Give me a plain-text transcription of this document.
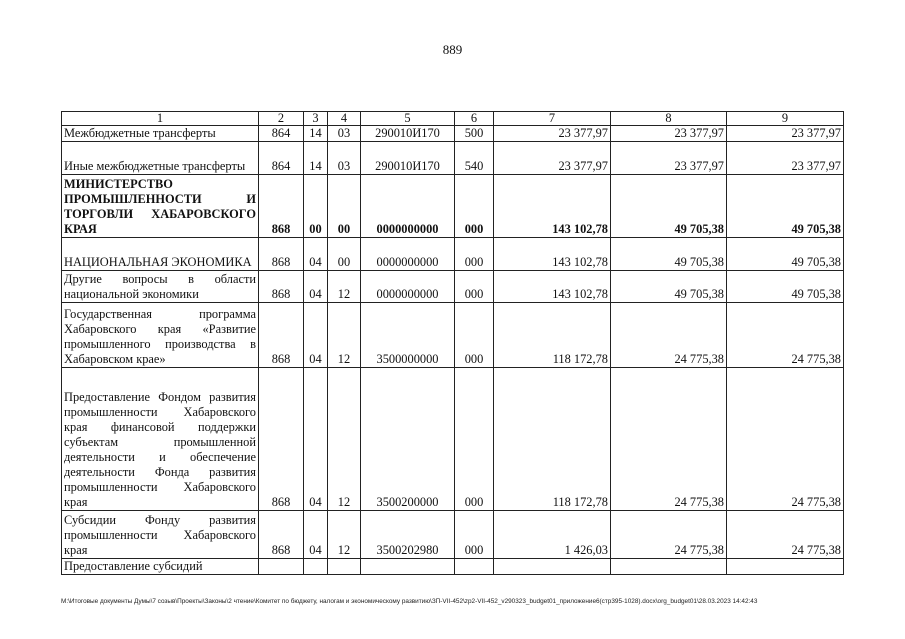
889
1	2	3	4	5	6	7	8	9
Межбюджетные трансферты	864	14	03	290010И170	500	23 377,97	23 377,97	23 377,97
Иные межбюджетные трансферты	864	14	03	290010И170	540	23 377,97	23 377,97	23 377,97
МИНИСТЕРСТВО ПРОМЫШЛЕННОСТИ И ТОРГОВЛИ ХАБАРОВСКОГО КРАЯ	868	00	00	0000000000	000	143 102,78	49 705,38	49 705,38
НАЦИОНАЛЬНАЯ ЭКОНОМИКА	868	04	00	0000000000	000	143 102,78	49 705,38	49 705,38
Другие вопросы в области национальной экономики	868	04	12	0000000000	000	143 102,78	49 705,38	49 705,38
Государственная программа Хабаровского края «Развитие промышленного производства в Хабаровском крае»	868	04	12	3500000000	000	118 172,78	24 775,38	24 775,38
Предоставление Фондом развития промышленности Хабаровского края финансовой поддержки субъектам промышленной деятельности и обеспечение деятельности Фонда развития промышленности Хабаровского края	868	04	12	3500200000	000	118 172,78	24 775,38	24 775,38
Субсидии Фонду развития промышленности Хабаровского края	868	04	12	3500202980	000	1 426,03	24 775,38	24 775,38
Предоставление субсидий								
M:\Итоговые документы Думы\7 созыв\Проекты\Законы\2 чтение\Комитет по бюджету, налогам и экономическому развитию\ЗП-VII-452\zp2-VII-452_v290323_budget01_приложение6(стр395-1028).docx\org_budget01\28.03.2023 14:42:43
